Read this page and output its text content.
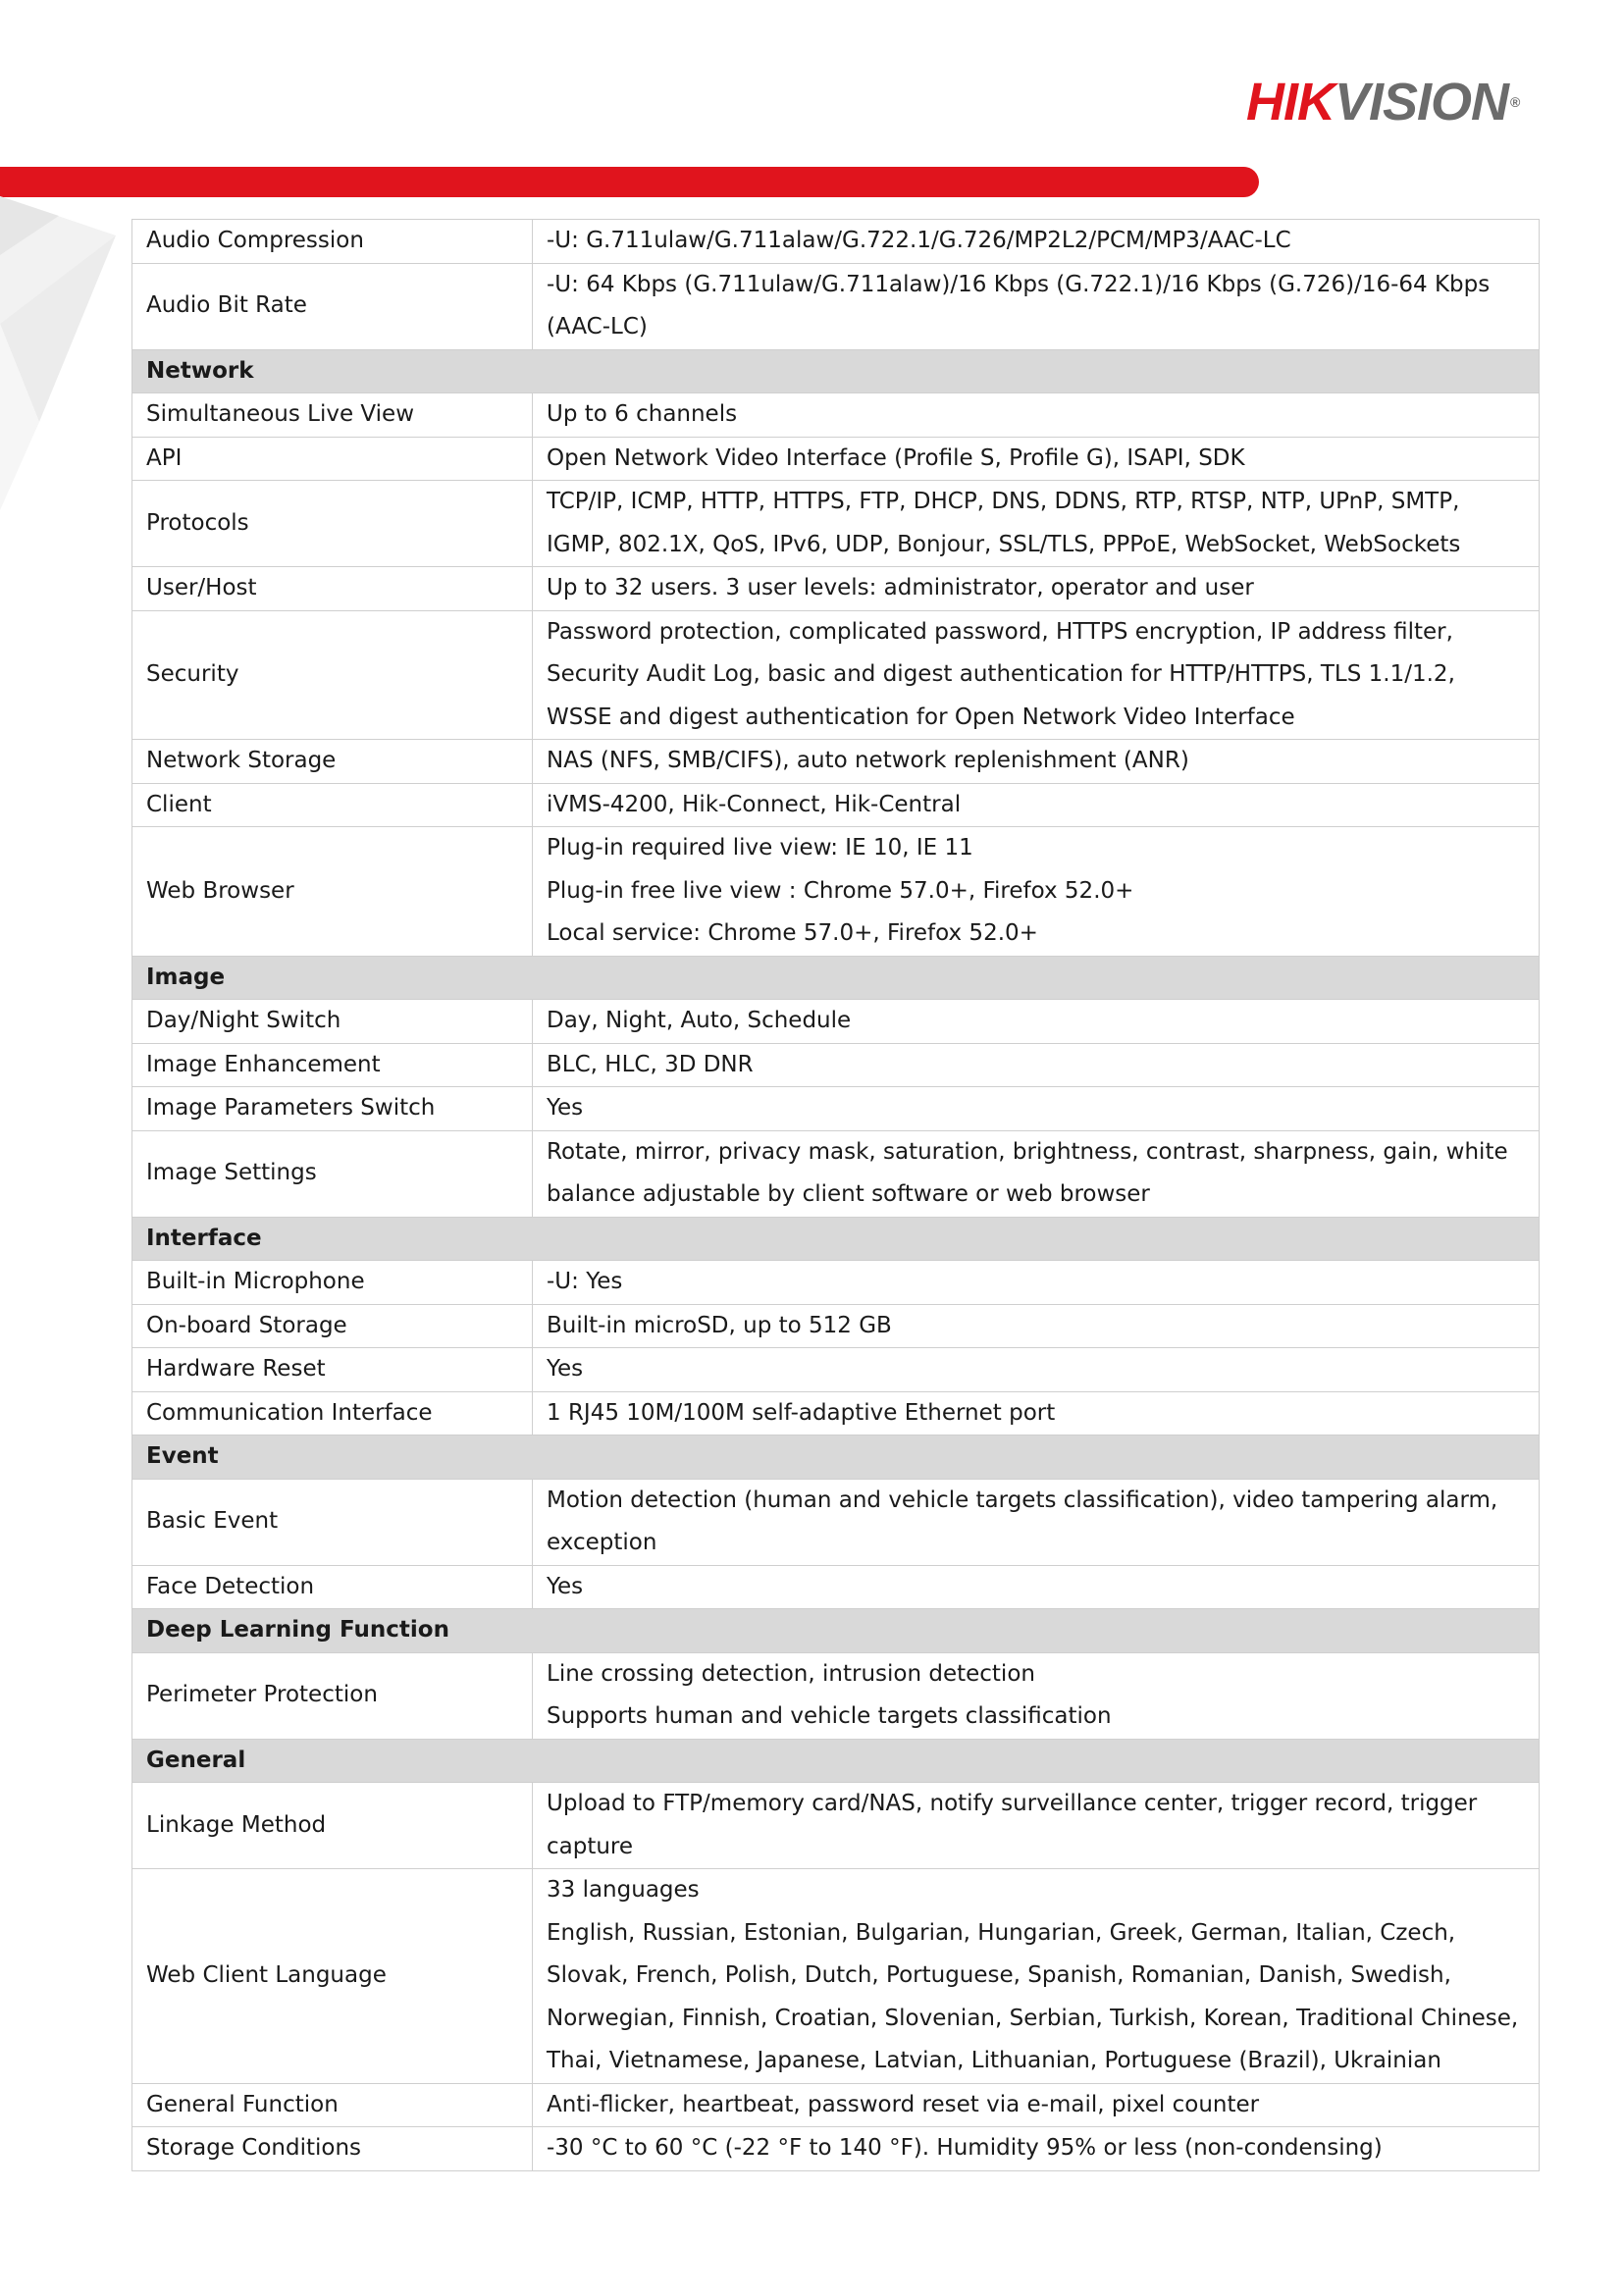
HIKVISION ®
Audio Compression	-U: G.711ulaw/G.711alaw/G.722.1/G.726/MP2L2/PCM/MP3/AAC-LC

Audio Bit Rate	-U: 64 Kbps (G.711ulaw/G.711alaw)/16 Kbps (G.722.1)/16 Kbps (G.726)/16-64 Kbps (AAC-LC)

Network	
Simultaneous Live View	Up to 6 channels

API	Open Network Video Interface (Profile S, Profile G), ISAPI, SDK

Protocols	TCP/IP, ICMP, HTTP, HTTPS, FTP, DHCP, DNS, DDNS, RTP, RTSP, NTP, UPnP, SMTP, IGMP, 802.1X, QoS, IPv6, UDP, Bonjour, SSL/TLS, PPPoE, WebSocket, WebSockets

User/Host	Up to 32 users. 3 user levels: administrator, operator and user

Security	Password protection, complicated password, HTTPS encryption, IP address filter, Security Audit Log, basic and digest authentication for HTTP/HTTPS, TLS 1.1/1.2, WSSE and digest authentication for Open Network Video Interface

Network Storage	NAS (NFS, SMB/CIFS), auto network replenishment (ANR)

Client	iVMS-4200, Hik-Connect, Hik-Central

Web Browser	Plug-in required live view: IE 10, IE 11
Plug-in free live view : Chrome 57.0+, Firefox 52.0+
Local service: Chrome 57.0+, Firefox 52.0+

Image	
Day/Night Switch	Day, Night, Auto, Schedule

Image Enhancement	BLC, HLC, 3D DNR

Image Parameters Switch	Yes

Image Settings	Rotate, mirror, privacy mask, saturation, brightness, contrast, sharpness, gain, white balance adjustable by client software or web browser

Interface	
Built-in Microphone	-U: Yes

On-board Storage	Built-in microSD, up to 512 GB

Hardware Reset	Yes

Communication Interface	1 RJ45 10M/100M self-adaptive Ethernet port

Event	
Basic Event	Motion detection (human and vehicle targets classification), video tampering alarm, exception

Face Detection	Yes

Deep Learning Function	
Perimeter Protection	Line crossing detection, intrusion detection
Supports human and vehicle targets classification

General	
Linkage Method	Upload to FTP/memory card/NAS, notify surveillance center, trigger record, trigger capture

Web Client Language	33 languages
English, Russian, Estonian, Bulgarian, Hungarian, Greek, German, Italian, Czech, Slovak, French, Polish, Dutch, Portuguese, Spanish, Romanian, Danish, Swedish, Norwegian, Finnish, Croatian, Slovenian, Serbian, Turkish, Korean, Traditional Chinese, Thai, Vietnamese, Japanese, Latvian, Lithuanian, Portuguese (Brazil), Ukrainian

General Function	Anti-flicker, heartbeat, password reset via e-mail, pixel counter

Storage Conditions	-30 °C to 60 °C (-22 °F to 140 °F). Humidity 95% or less (non-condensing)
